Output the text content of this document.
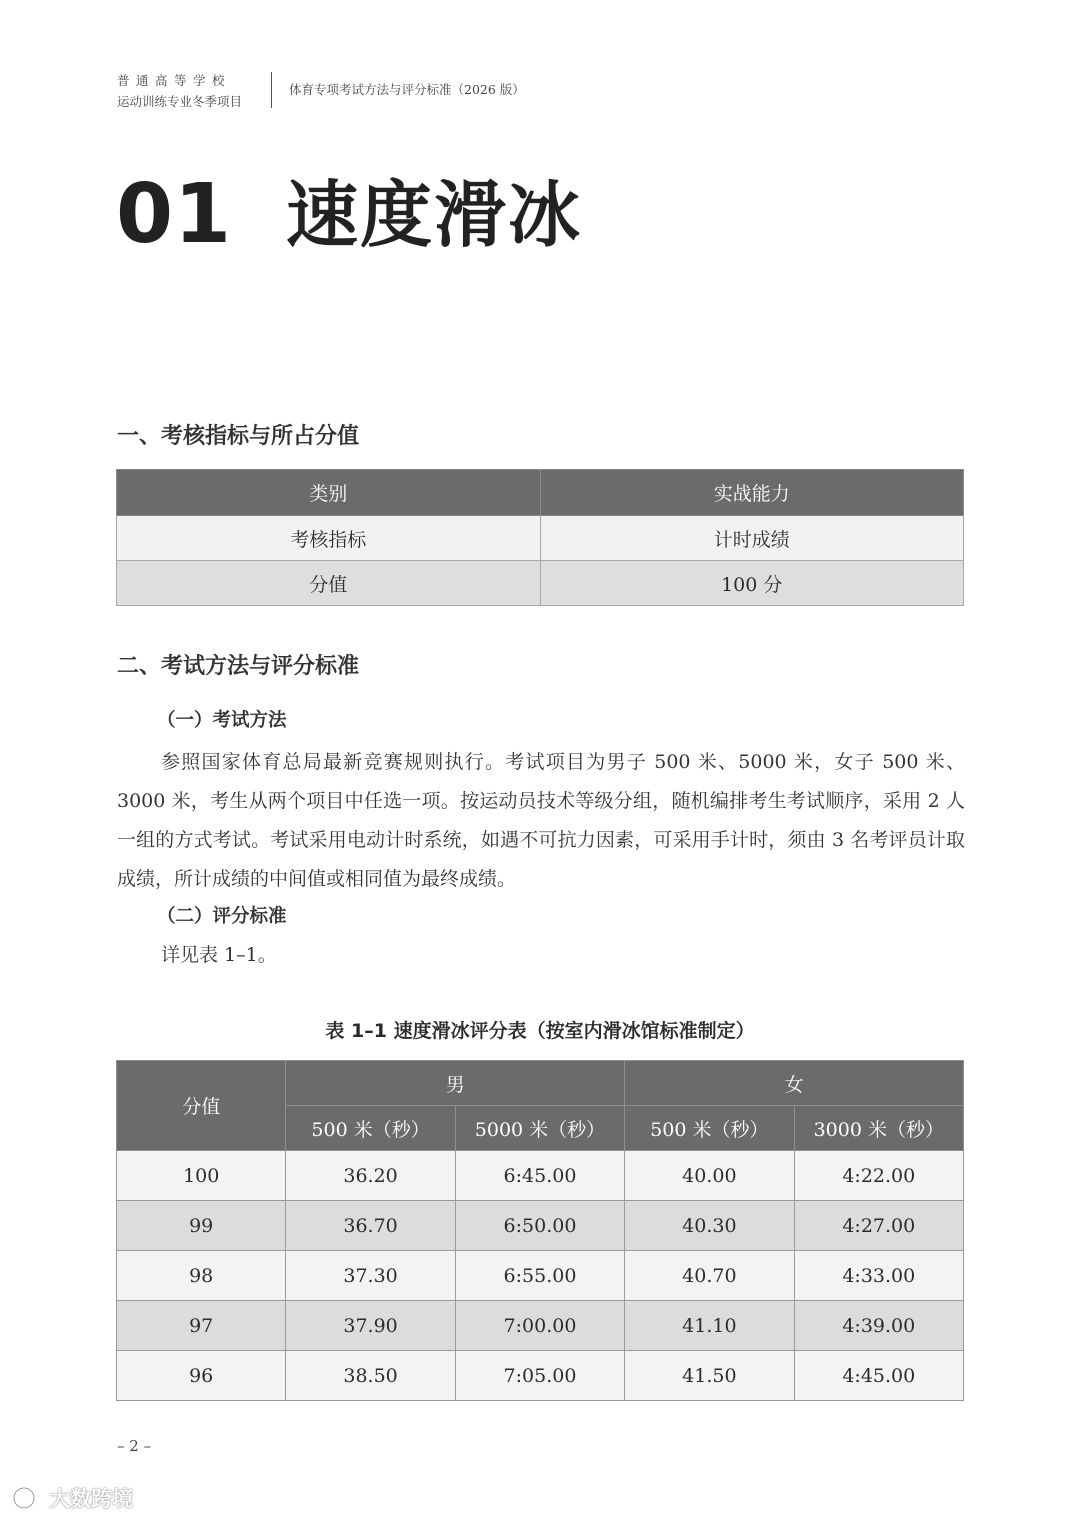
普通高等学校
运动训练专业冬季项目
体育专项考试方法与评分标准（2026 版）
01 速度滑冰
一、考核指标与所占分值
类别	实战能力
考核指标	计时成绩
分值	100 分
二、考试方法与评分标准
（一）考试方法

参照国家体育总局最新竞赛规则执行。考试项目为男子 500 米、5000 米，女子 500 米、3000 米，考生从两个项目中任选一项。按运动员技术等级分组，随机编排考生考试顺序，采用 2 人一组的方式考试。考试采用电动计时系统，如遇不可抗力因素，可采用手计时，须由 3 名考评员计取成绩，所计成绩的中间值或相同值为最终成绩。

（二）评分标准
详见表 1–1。
表 1–1 速度滑冰评分表（按室内滑冰馆标准制定）
分值	男		女	
	500 米（秒）	5000 米（秒）	500 米（秒）	3000 米（秒）
100	36.20	6:45.00	40.00	4:22.00
99	36.70	6:50.00	40.30	4:27.00
98	37.30	6:55.00	40.70	4:33.00
97	37.90	7:00.00	41.10	4:39.00
96	38.50	7:05.00	41.50	4:45.00
– 2 –
大数跨境
